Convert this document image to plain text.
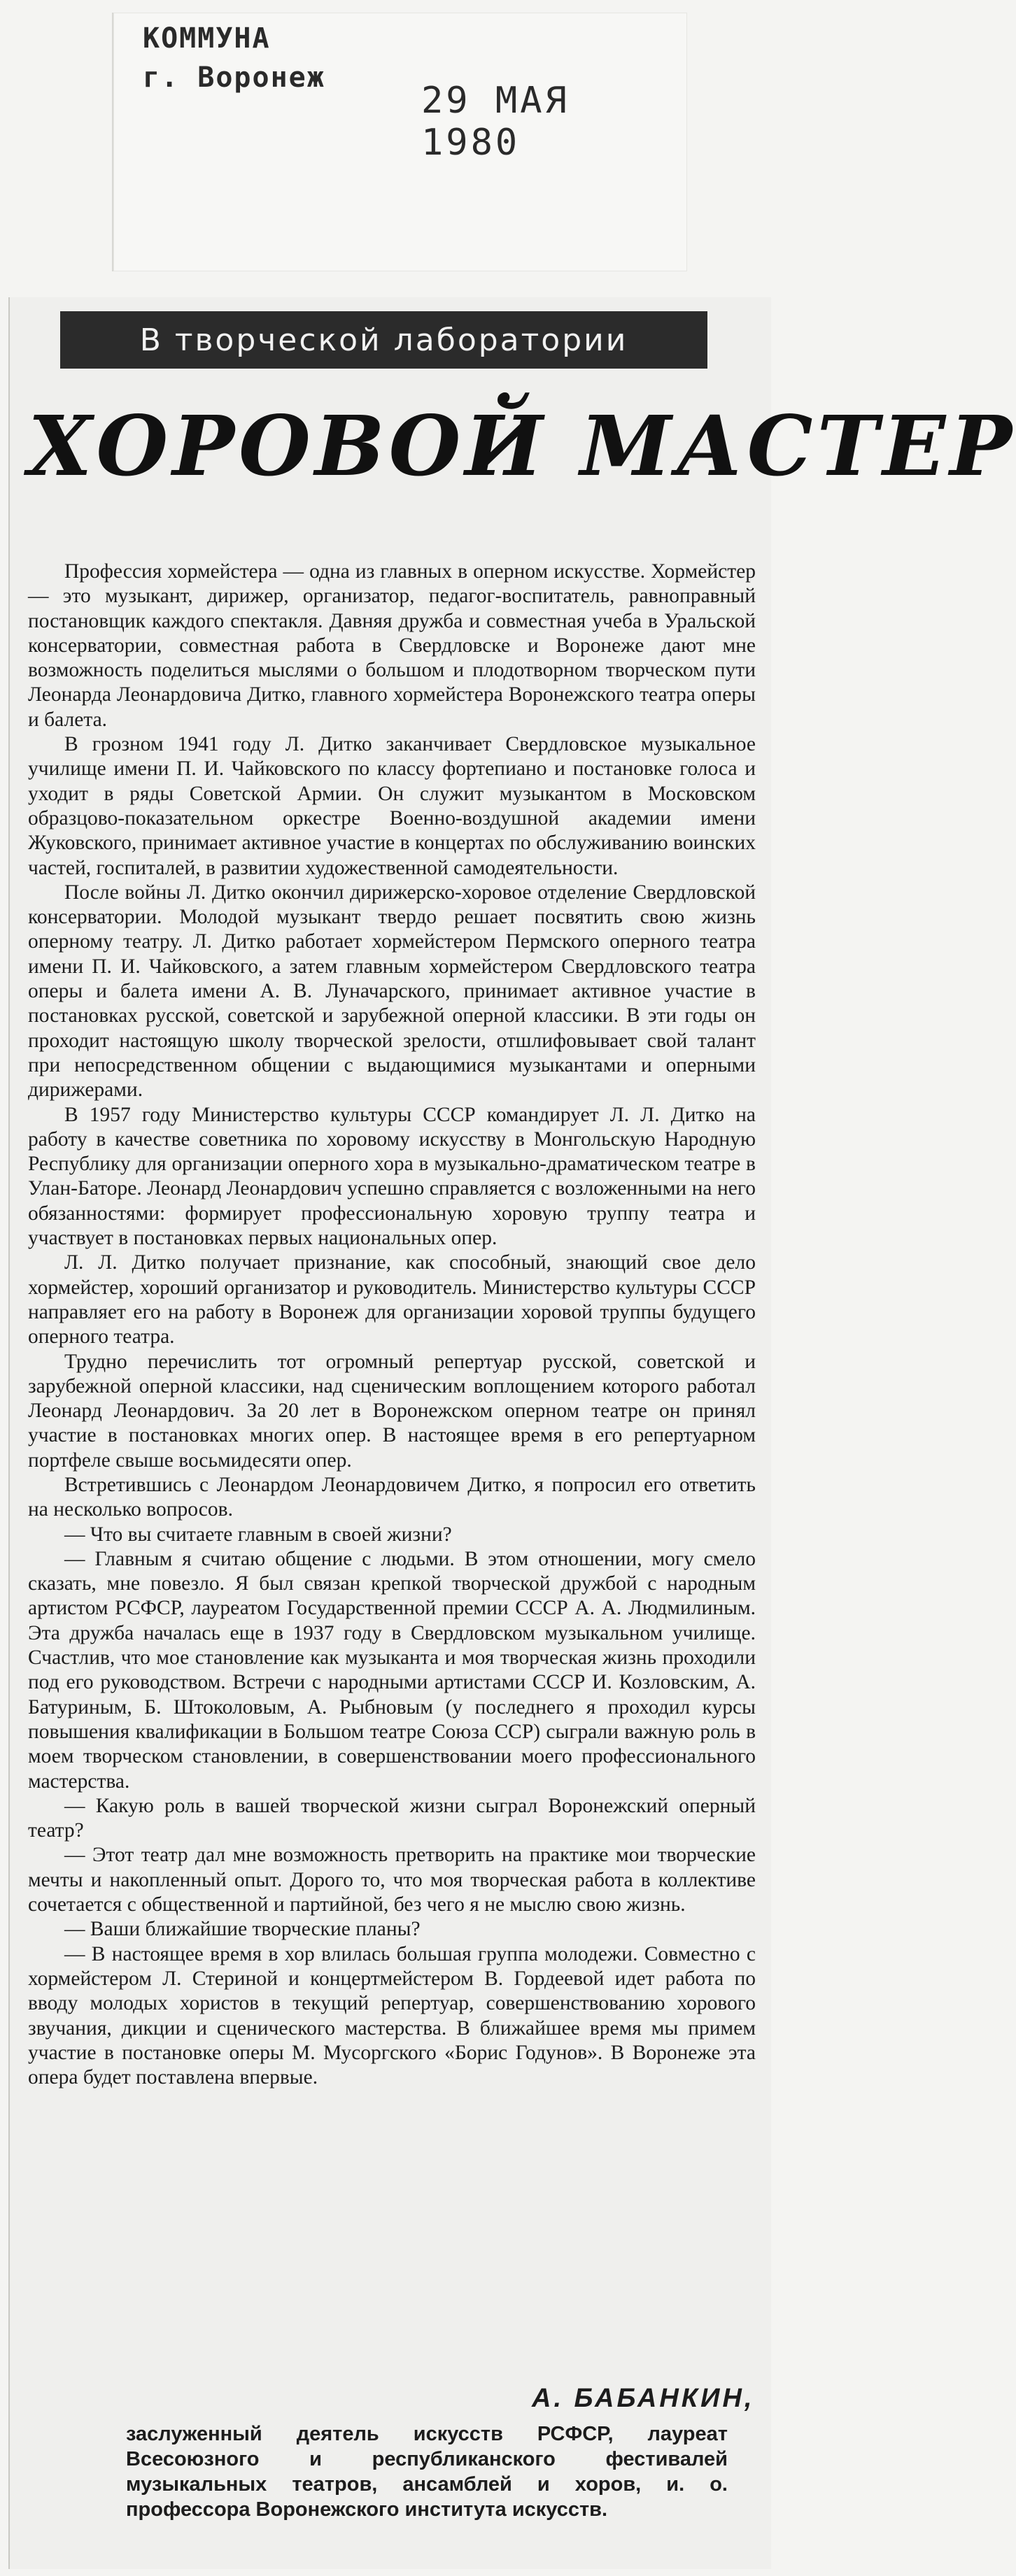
КОММУНА
г. Воронеж
29 МАЯ 1980
В творческой лаборатории
ХОРОВОЙ МАСТЕР

Профессия хормейстера — одна из главных в оперном искусстве. Хормейстер — это музыкант, дирижер, организатор, педагог-воспитатель, равноправный постановщик каждого спектакля. Давняя дружба и совместная учеба в Уральской консерватории, совместная работа в Свердловске и Воронеже дают мне возможность поделиться мыслями о большом и плодотворном творческом пути Леонарда Леонардовича Дитко, главного хормейстера Воронежского театра оперы и балета.

В грозном 1941 году Л. Дитко заканчивает Свердловское музыкальное училище имени П. И. Чайковского по классу фортепиано и постановке голоса и уходит в ряды Советской Армии. Он служит музыкантом в Московском образцово-показательном оркестре Военно-воздушной академии имени Жуковского, принимает активное участие в концертах по обслуживанию воинских частей, госпиталей, в развитии художественной самодеятельности.

После войны Л. Дитко окончил дирижерско-хоровое отделение Свердловской консерватории. Молодой музыкант твердо решает посвятить свою жизнь оперному театру. Л. Дитко работает хормейстером Пермского оперного театра имени П. И. Чайковского, а затем главным хормейстером Свердловского театра оперы и балета имени А. В. Луначарского, принимает активное участие в постановках русской, советской и зарубежной оперной классики. В эти годы он проходит настоящую школу творческой зрелости, отшлифовывает свой талант при непосредственном общении с выдающимися музыкантами и оперными дирижерами.

В 1957 году Министерство культуры СССР командирует Л. Л. Дитко на работу в качестве советника по хоровому искусству в Монгольскую Народную Республику для организации оперного хора в музыкально-драматическом театре в Улан-Баторе. Леонард Леонардович успешно справляется с возложенными на него обязанностями: формирует профессиональную хоровую труппу театра и участвует в постановках первых национальных опер.

Л. Л. Дитко получает признание, как способный, знающий свое дело хормейстер, хороший организатор и руководитель. Министерство культуры СССР направляет его на работу в Воронеж для организации хоровой труппы будущего оперного театра.

Трудно перечислить тот огромный репертуар русской, советской и зарубежной оперной классики, над сценическим воплощением которого работал Леонард Леонардович. За 20 лет в Воронежском оперном театре он принял участие в постановках многих опер. В настоящее время в его репертуарном портфеле свыше восьмидесяти опер.

Встретившись с Леонардом Леонардовичем Дитко, я попросил его ответить на несколько вопросов.

— Что вы считаете главным в своей жизни?

— Главным я считаю общение с людьми. В этом отношении, могу смело сказать, мне повезло. Я был связан крепкой творческой дружбой с народным артистом РСФСР, лауреатом Государственной премии СССР А. А. Людмилиным. Эта дружба началась еще в 1937 году в Свердловском музыкальном училище. Счастлив, что мое становление как музыканта и моя творческая жизнь проходили под его руководством. Встречи с народными артистами СССР И. Козловским, А. Батуриным, Б. Штоколовым, А. Рыбновым (у последнего я проходил курсы повышения квалификации в Большом театре Союза ССР) сыграли важную роль в моем творческом становлении, в совершенствовании моего профессионального мастерства.

— Какую роль в вашей творческой жизни сыграл Воронежский оперный театр?

— Этот театр дал мне возможность претворить на практике мои творческие мечты и накопленный опыт. Дорого то, что моя творческая работа в коллективе сочетается с общественной и партийной, без чего я не мыслю свою жизнь.

— Ваши ближайшие творческие планы?

— В настоящее время в хор влилась большая группа молодежи. Совместно с хормейстером Л. Стериной и концертмейстером В. Гордеевой идет работа по вводу молодых хористов в текущий репертуар, совершенствованию хорового звучания, дикции и сценического мастерства. В ближайшее время мы примем участие в постановке оперы М. Мусоргского «Борис Годунов». В Воронеже эта опера будет поставлена впервые.

А. БАБАНКИН,
заслуженный деятель искусств РСФСР, лауреат Всесоюзного и республиканского фестивалей музыкальных театров, ансамблей и хоров, и. о. профессора Воронежского института искусств.
